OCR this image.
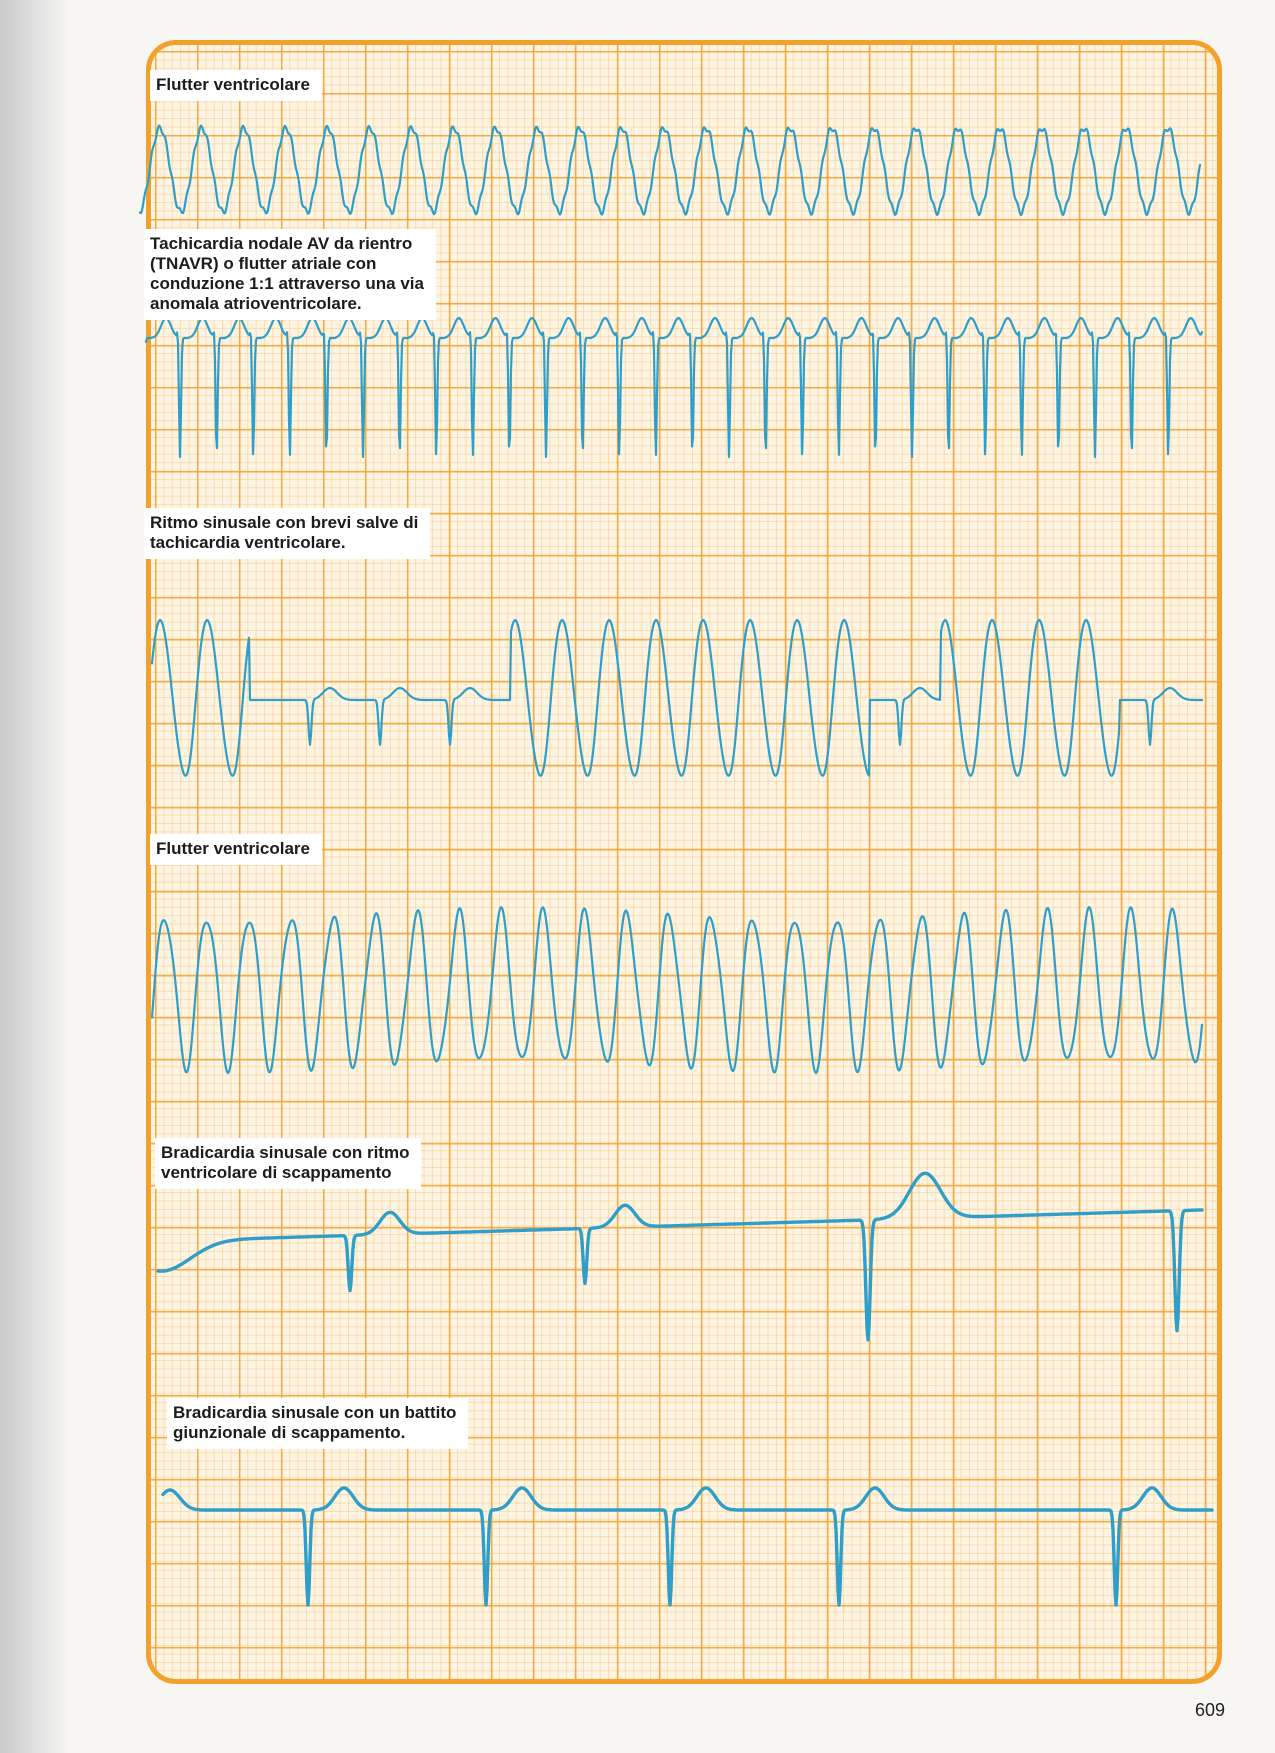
Flutter ventricolare
Tachicardia nodale AV da rientro
(TNAVR) o flutter atriale con
conduzione 1:1 attraverso una via
anomala atrioventricolare.
Ritmo sinusale con brevi salve di
tachicardia ventricolare.
Flutter ventricolare
Bradicardia sinusale con ritmo
ventricolare di scappamento
Bradicardia sinusale con un battito
giunzionale di scappamento.
609
